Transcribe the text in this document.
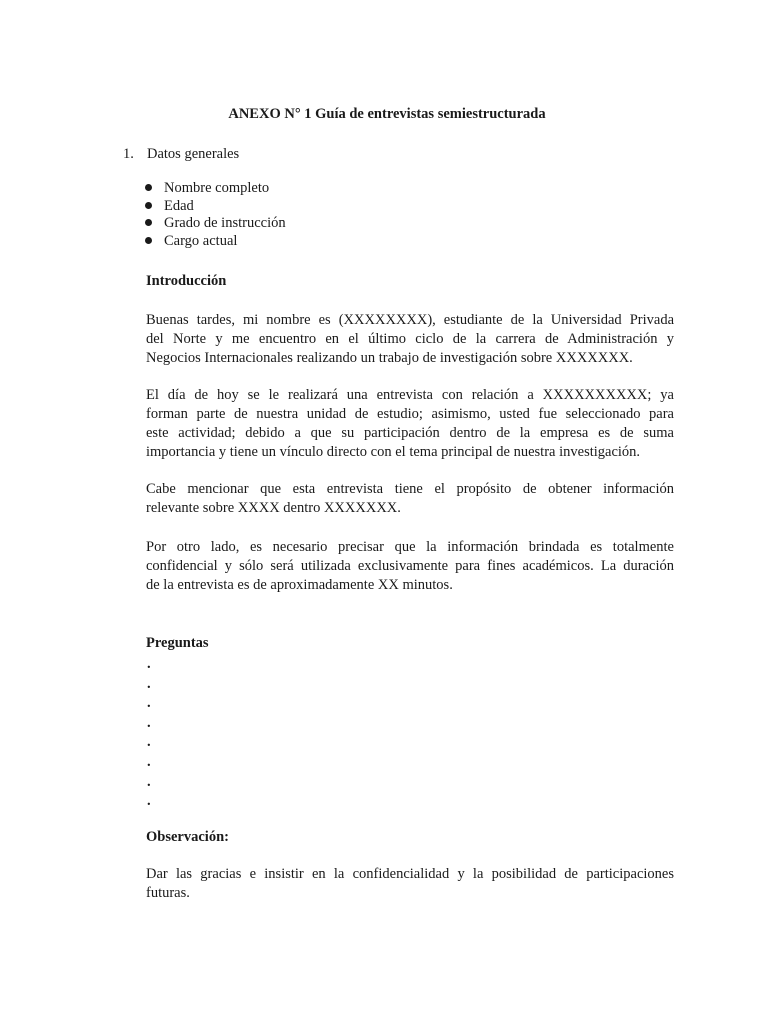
ANEXO N° 1 Guía de entrevistas semiestructurada
1. Datos generales
Nombre completo
Edad
Grado de instrucción
Cargo actual
Introducción
Buenas tardes, mi nombre es (XXXXXXXX), estudiante de la Universidad Privada
del Norte y me encuentro en el último ciclo de la carrera de Administración y
Negocios Internacionales realizando un trabajo de investigación sobre XXXXXXX.
El día de hoy se le realizará una entrevista con relación a XXXXXXXXXX; ya
forman parte de nuestra unidad de estudio; asimismo, usted fue seleccionado para
este actividad; debido a que su participación dentro de la empresa es de suma
importancia y tiene un vínculo directo con el tema principal de nuestra investigación.
Cabe mencionar que esta entrevista tiene el propósito de obtener información
relevante sobre XXXX dentro XXXXXXX.
Por otro lado, es necesario precisar que la información brindada es totalmente
confidencial y sólo será utilizada exclusivamente para fines académicos. La duración
de la entrevista es de aproximadamente XX minutos.
Preguntas
.
.
.
.
.
.
.
.
Observación:
Dar las gracias e insistir en la confidencialidad y la posibilidad de participaciones
futuras.
